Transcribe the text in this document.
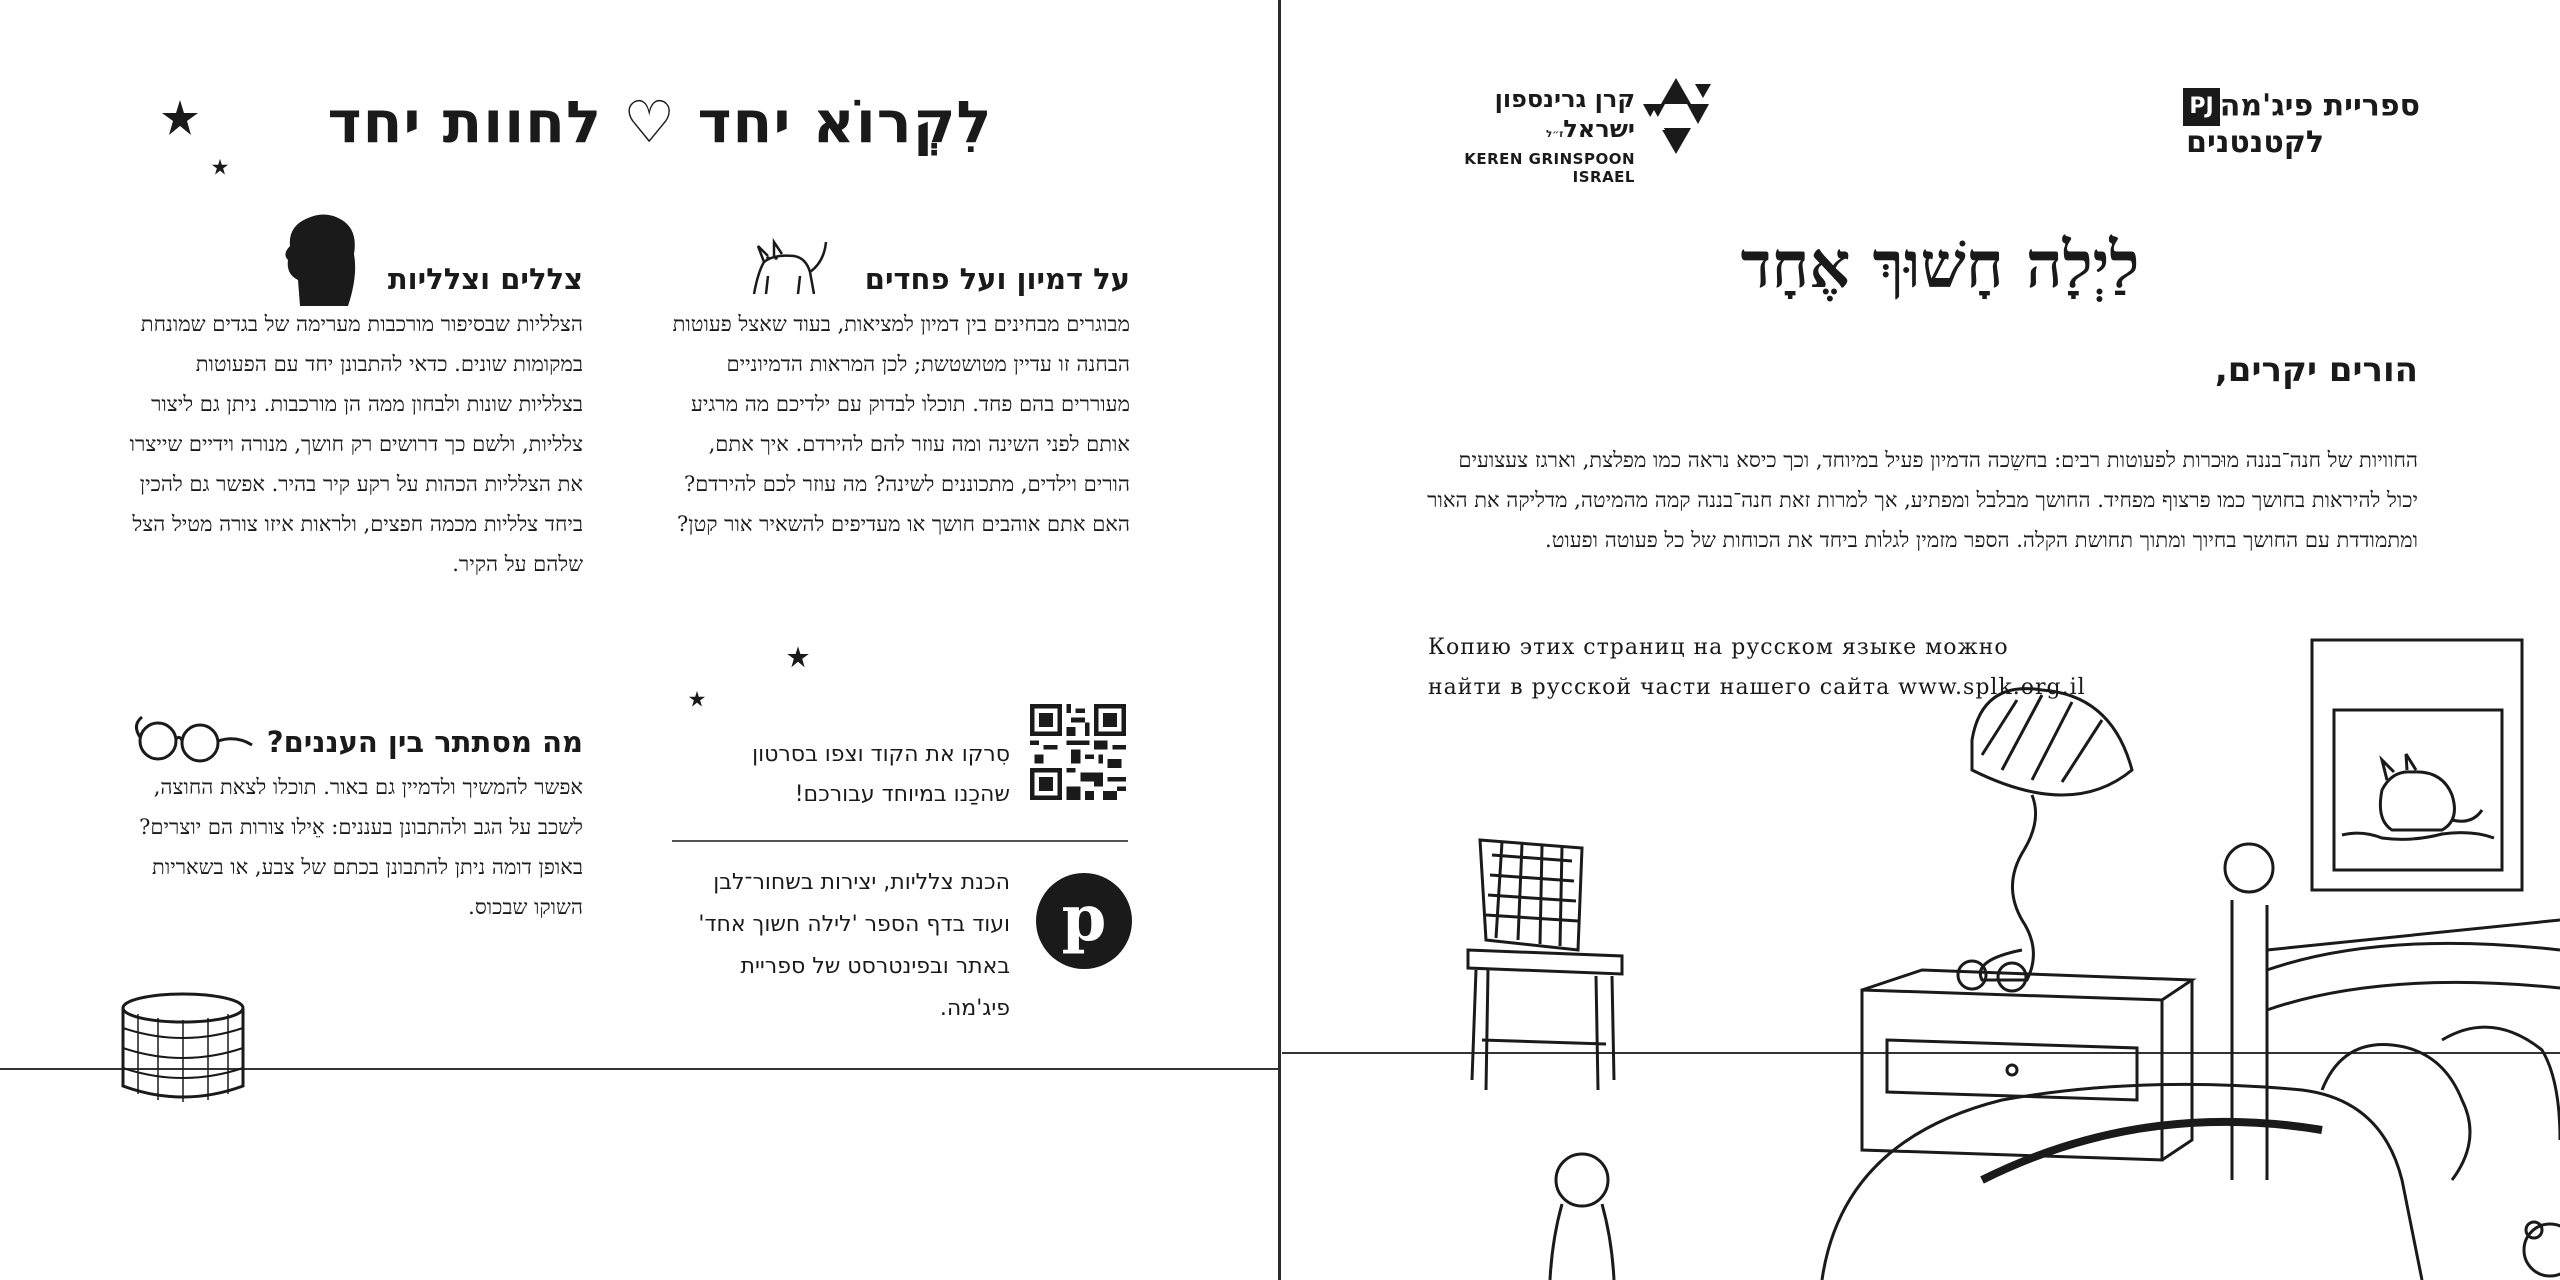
לִקְרוֹא יחד ♡ לחוות יחד
על דמיון ועל פחדים
מבוגרים מבחינים בין דמיון למציאות, בעוד שאצל פעוטות הבחנה זו עדיין מטושטשת; לכן המראות הדמיוניים מעוררים בהם פחד. תוכלו לבדוק עם ילדיכם מה מרגיע אותם לפני השינה ומה עוזר להם להירדם. איך אתם, הורים וילדים, מתכוננים לשינה? מה עוזר לכם להירדם? האם אתם אוהבים חושך או מעדיפים להשאיר אור קטן?
צללים וצלליות
הצלליות שבסיפור מורכבות מערימה של בגדים שמונחת במקומות שונים. כדאי להתבונן יחד עם הפעוטות בצלליות שונות ולבחון ממה הן מורכבות. ניתן גם ליצור צלליות, ולשם כך דרושים רק חושך, מנורה וידיים שייצרו את הצלליות הכהות על רקע קיר בהיר. אפשר גם להכין ביחד צלליות מכמה חפצים, ולראות איזו צורה מטיל הצל שלהם על הקיר.
מה מסתתר בין העננים?
אפשר להמשיך ולדמיין גם באור. תוכלו לצאת החוצה, לשכב על הגב ולהתבונן בעננים: אֵילו צורות הם יוצרים? באופן דומה ניתן להתבונן בכתם של צבע, או בשאריות השוקו שבכוס.
סִרקו את הקוד וצפו בסרטון שהכַנו במיוחד עבורכם!
p
הכנת צלליות, יצירות בשחור־לבן ועוד בדף הספר 'לילה חשוך אחד' באתר ובפינטרסט של ספריית פיג'מה.
ספריית פיג'מהPJ
לקטנטנים
קרן גרינספון ישראלז״ל
KEREN GRINSPOON ISRAEL
לַיְלָה חָשׁוּךְ אֶחָד
הורים יקרים,
החוויות של חנה־בננה מוּכרות לפעוטות רבים: בחשֵכה הדמיון פעיל במיוחד, וכך כיסא נראה כמו מפלצת, וארגז צעצועים יכול להיראות בחושך כמו פרצוף מפחיד. החושך מבלבל ומפתיע, אך למרות זאת חנה־בננה קמה מהמיטה, מדליקה את האור ומתמודדת עם החושך בחיוך ומתוך תחושת הקלה. הספר מזמין לגלות ביחד את הכוחות של כל פעוטה ופעוט.
Копию этих страниц на русском языке можно
найти в русской части нашего сайта www.splk.org.il
